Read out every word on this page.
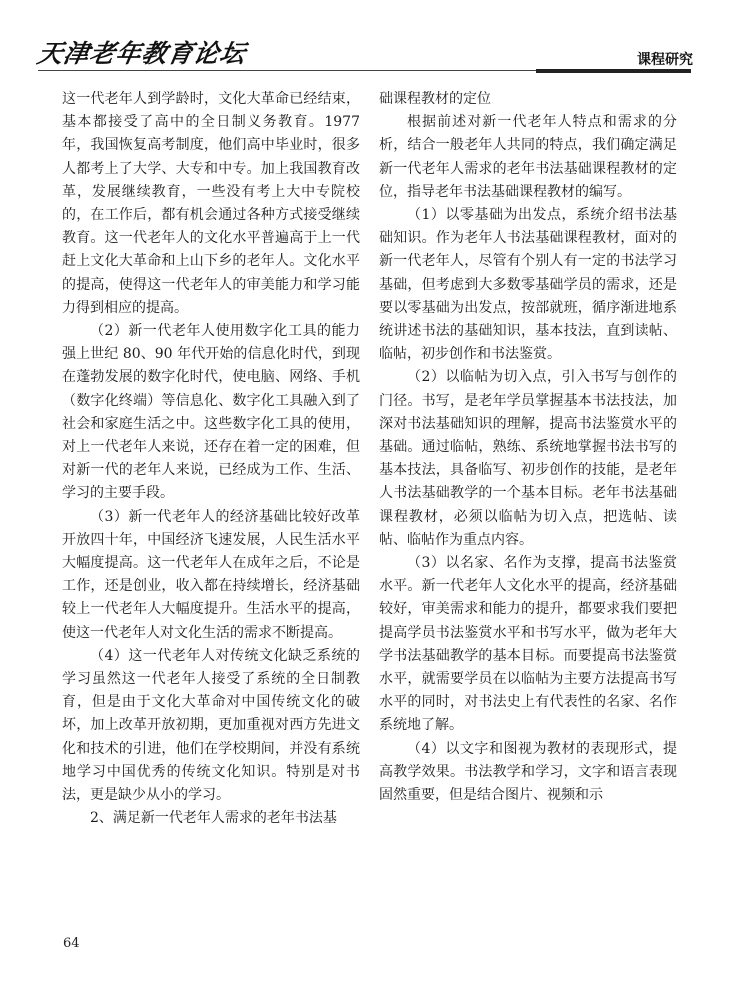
天津老年教育论坛	课程研究

这一代老年人到学龄时，文化大革命已经结束，基本都接受了高中的全日制义务教育。1977 年，我国恢复高考制度，他们高中毕业时，很多人都考上了大学、大专和中专。加上我国教育改革，发展继续教育，一些没有考上大中专院校的，在工作后，都有机会通过各种方式接受继续教育。这一代老年人的文化水平普遍高于上一代赶上文化大革命和上山下乡的老年人。文化水平的提高，使得这一代老年人的审美能力和学习能力得到相应的提高。

（2）新一代老年人使用数字化工具的能力强上世纪 80、90 年代开始的信息化时代，到现在蓬勃发展的数字化时代，使电脑、网络、手机（数字化终端）等信息化、数字化工具融入到了社会和家庭生活之中。这些数字化工具的使用，对上一代老年人来说，还存在着一定的困难，但对新一代的老年人来说，已经成为工作、生活、学习的主要手段。

（3）新一代老年人的经济基础比较好改革开放四十年，中国经济飞速发展，人民生活水平大幅度提高。这一代老年人在成年之后，不论是工作，还是创业，收入都在持续增长，经济基础较上一代老年人大幅度提升。生活水平的提高，使这一代老年人对文化生活的需求不断提高。

（4）这一代老年人对传统文化缺乏系统的学习虽然这一代老年人接受了系统的全日制教育，但是由于文化大革命对中国传统文化的破坏，加上改革开放初期，更加重视对西方先进文化和技术的引进，他们在学校期间，并没有系统地学习中国优秀的传统文化知识。特别是对书法，更是缺少从小的学习。

2、满足新一代老年人需求的老年书法基

础课程教材的定位

根据前述对新一代老年人特点和需求的分析，结合一般老年人共同的特点，我们确定满足新一代老年人需求的老年书法基础课程教材的定位，指导老年书法基础课程教材的编写。

（1）以零基础为出发点，系统介绍书法基础知识。作为老年人书法基础课程教材，面对的新一代老年人，尽管有个别人有一定的书法学习基础，但考虑到大多数零基础学员的需求，还是要以零基础为出发点，按部就班，循序渐进地系统讲述书法的基础知识，基本技法，直到读帖、临帖，初步创作和书法鉴赏。

（2）以临帖为切入点，引入书写与创作的门径。书写，是老年学员掌握基本书法技法，加深对书法基础知识的理解，提高书法鉴赏水平的基础。通过临帖，熟练、系统地掌握书法书写的基本技法，具备临写、初步创作的技能，是老年人书法基础教学的一个基本目标。老年书法基础课程教材，必须以临帖为切入点，把选帖、读帖、临帖作为重点内容。

（3）以名家、名作为支撑，提高书法鉴赏水平。新一代老年人文化水平的提高，经济基础较好，审美需求和能力的提升，都要求我们要把提高学员书法鉴赏水平和书写水平，做为老年大学书法基础教学的基本目标。而要提高书法鉴赏水平，就需要学员在以临帖为主要方法提高书写水平的同时，对书法史上有代表性的名家、名作系统地了解。

（4）以文字和图视为教材的表现形式，提高教学效果。书法教学和学习，文字和语言表现固然重要，但是结合图片、视频和示

64
